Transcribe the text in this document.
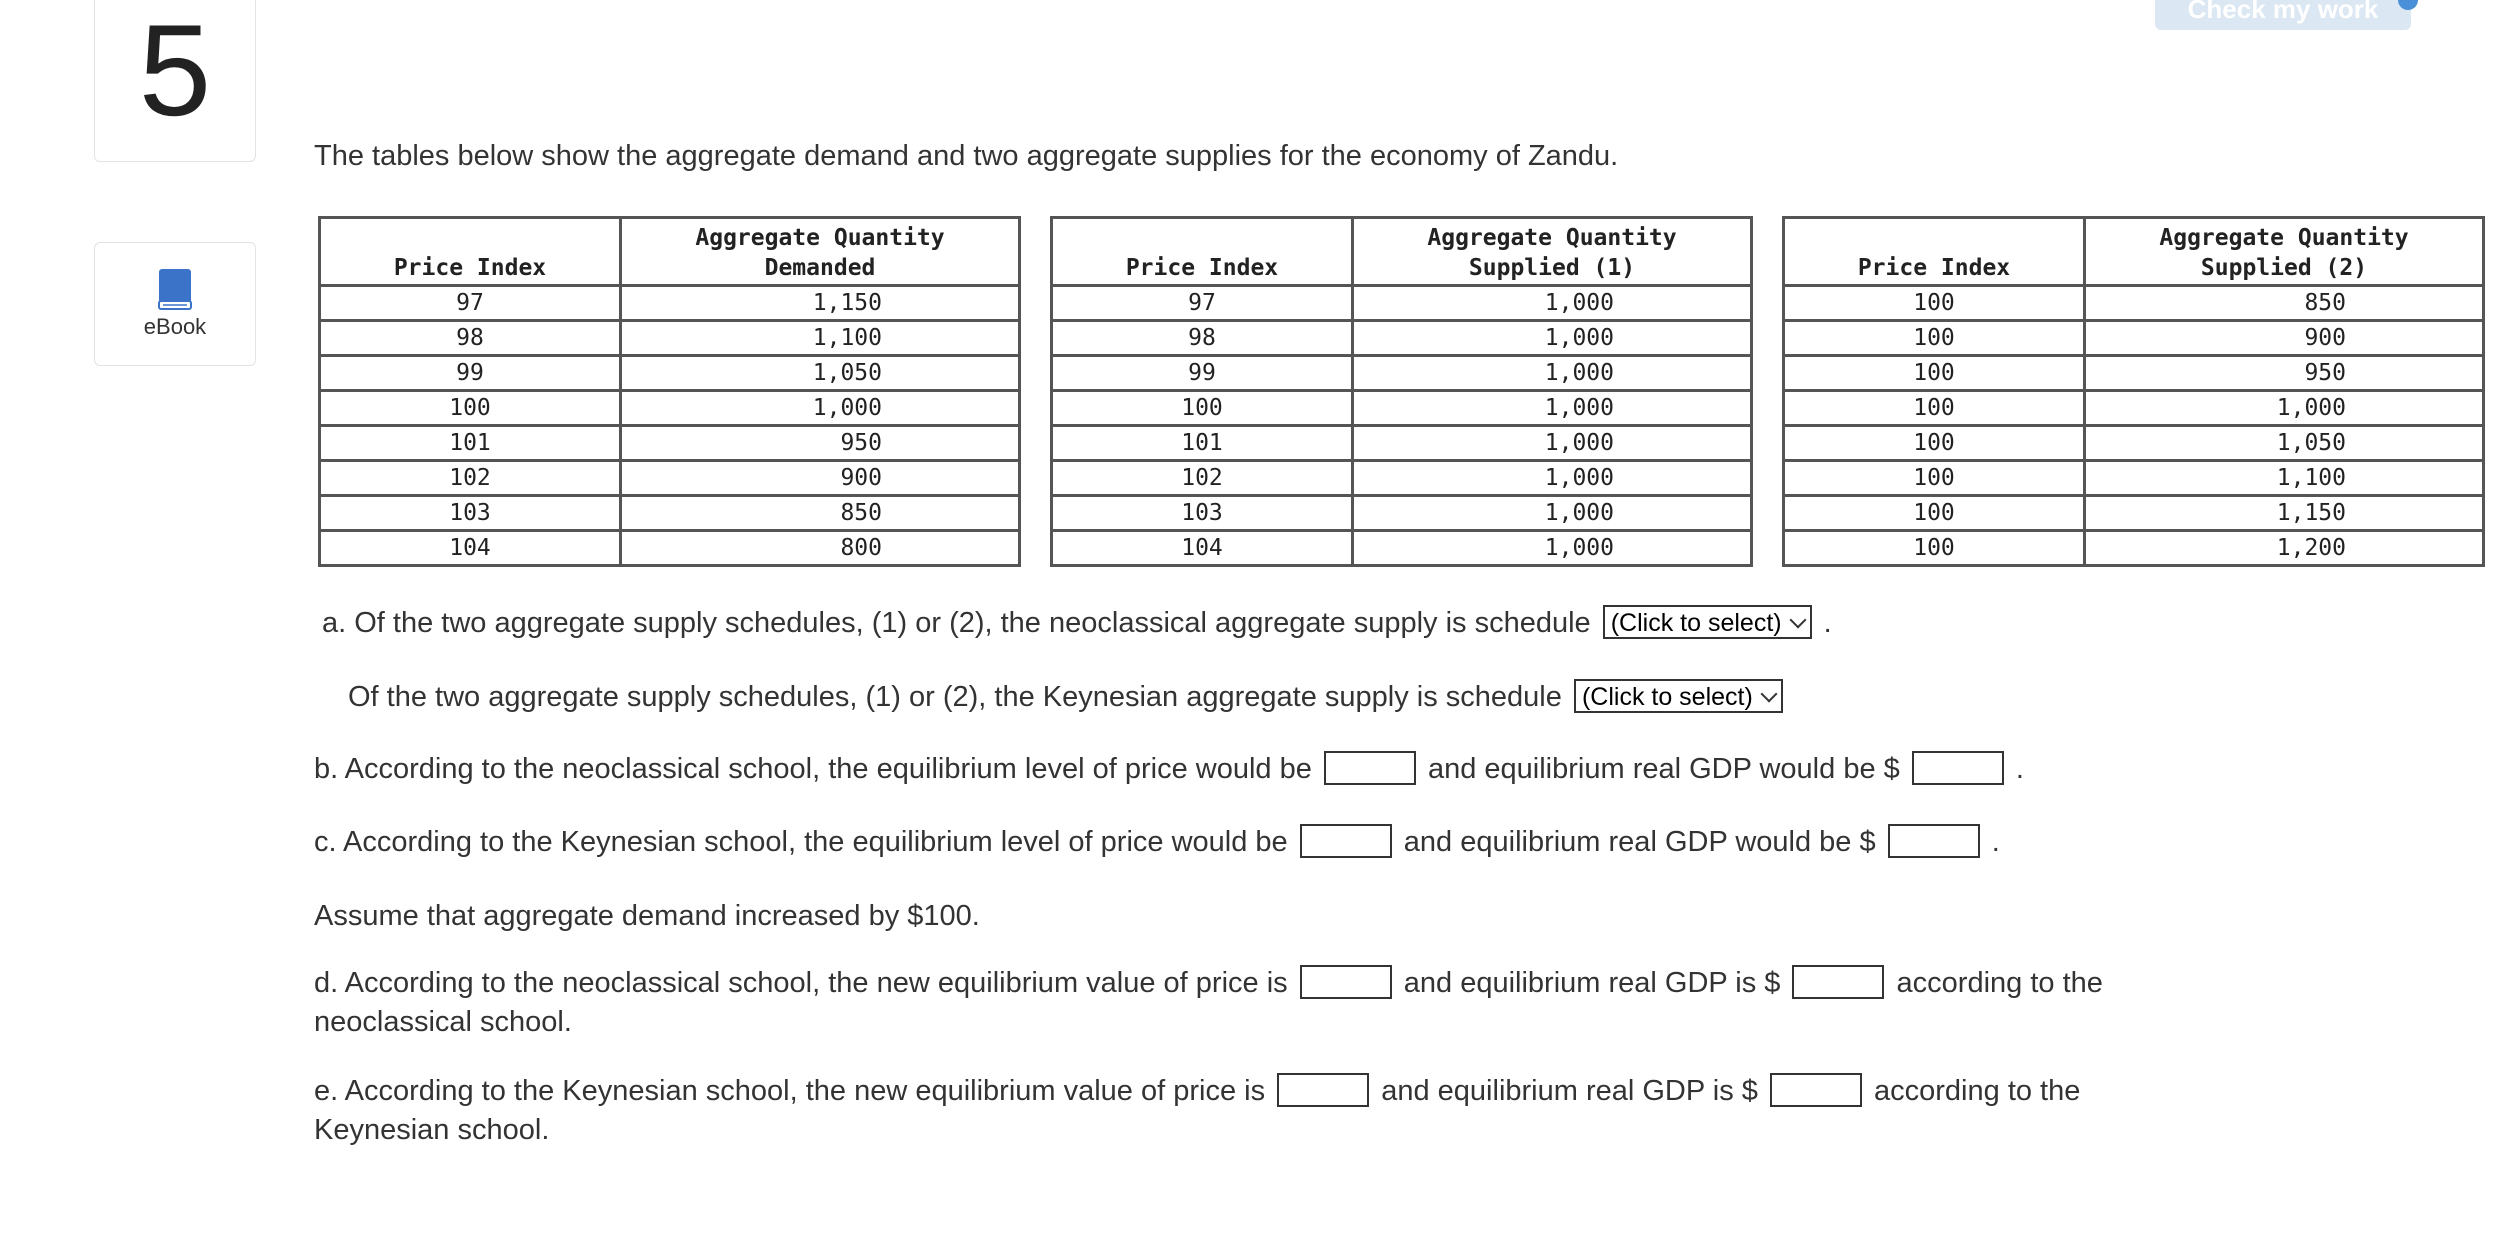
5	Check my work
eBook
The tables below show the aggregate demand and two aggregate supplies for the economy of Zandu.
Price Index	Aggregate Quantity
Demanded
97	1,150
98	1,100
99	1,050
100	1,000
101	950
102	900
103	850
104	800
Price Index	Aggregate Quantity
Supplied (1)
97	1,000
98	1,000
99	1,000
100	1,000
101	1,000
102	1,000
103	1,000
104	1,000
Price Index	Aggregate Quantity
Supplied (2)
100	850
100	900
100	950
100	1,000
100	1,050
100	1,100
100	1,150
100	1,200
a. Of the two aggregate supply schedules, (1) or (2), the neoclassical aggregate supply is schedule (Click to select) .
Of the two aggregate supply schedules, (1) or (2), the Keynesian aggregate supply is schedule (Click to select)
b. According to the neoclassical school, the equilibrium level of price would be	and equilibrium real GDP would be $	.
c. According to the Keynesian school, the equilibrium level of price would be	and equilibrium real GDP would be $	.
Assume that aggregate demand increased by $100.
d. According to the neoclassical school, the new equilibrium value of price is	and equilibrium real GDP is $	according to the neoclassical school.
e. According to the Keynesian school, the new equilibrium value of price is	and equilibrium real GDP is $	according to the Keynesian school.
